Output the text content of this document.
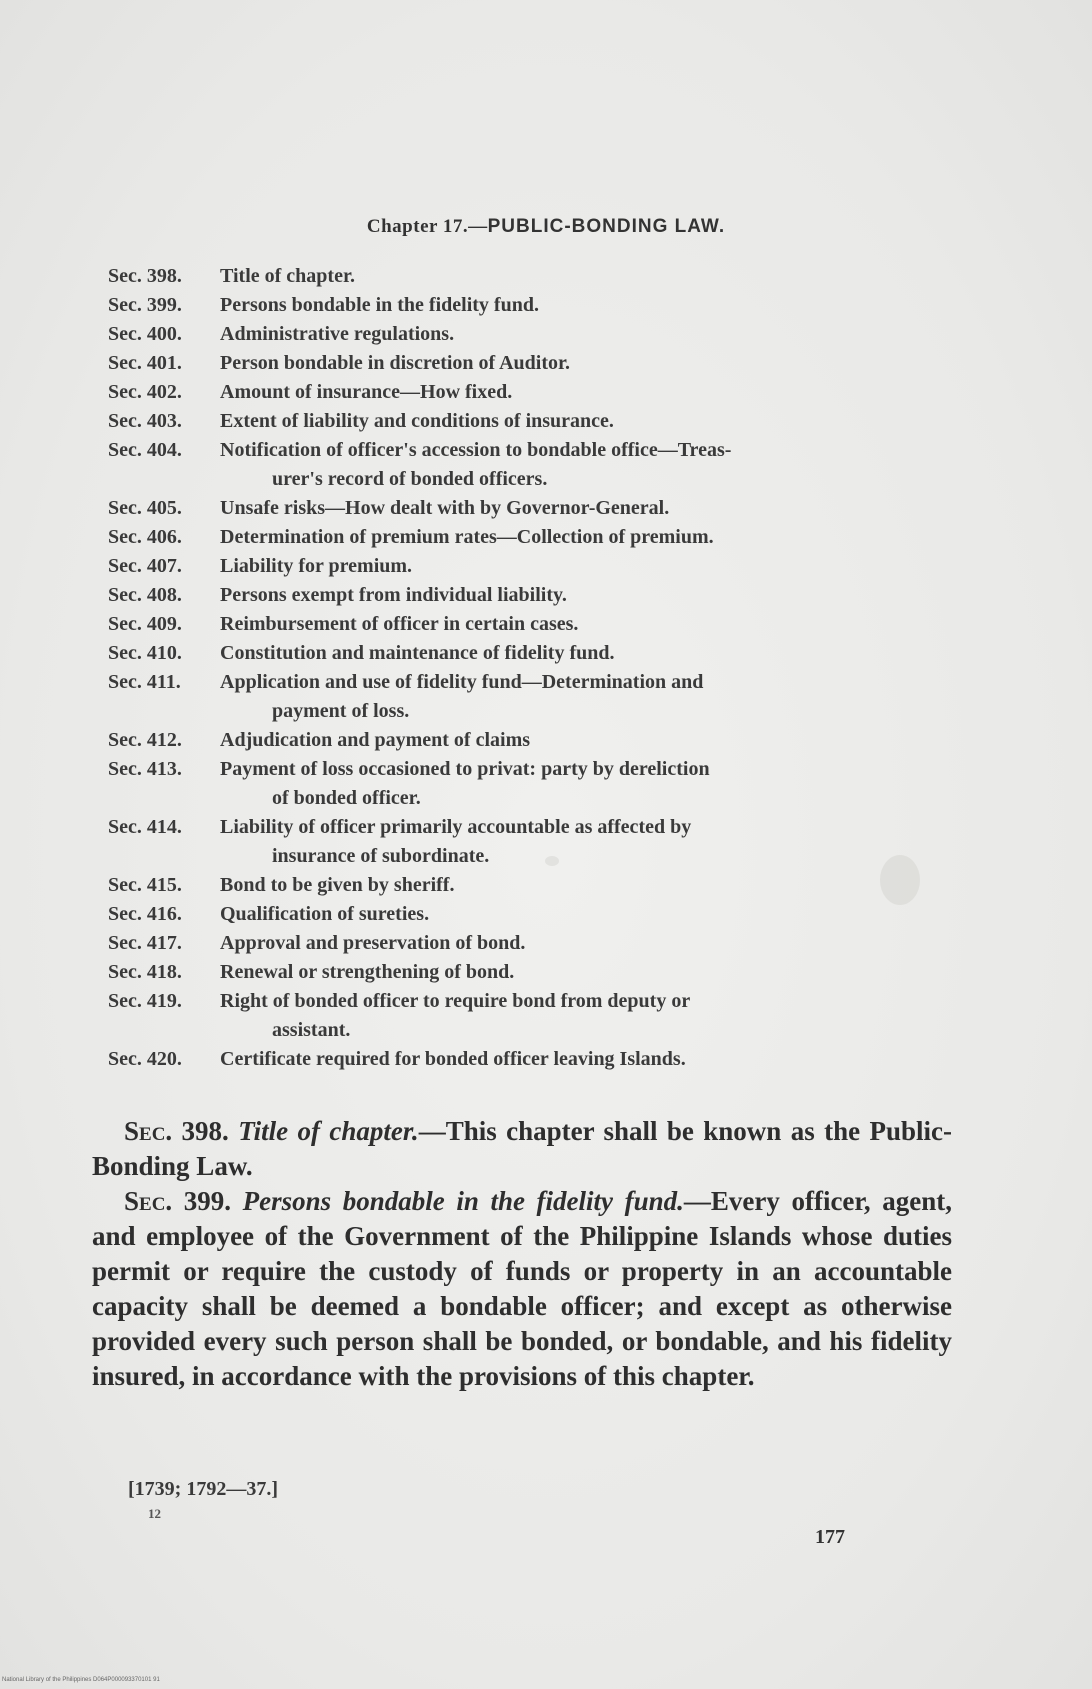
Chapter 17.—PUBLIC-BONDING LAW.
Sec. 398.	Title of chapter.
Sec. 399.	Persons bondable in the fidelity fund.
Sec. 400.	Administrative regulations.
Sec. 401.	Person bondable in discretion of Auditor.
Sec. 402.	Amount of insurance—How fixed.
Sec. 403.	Extent of liability and conditions of insurance.
Sec. 404.	Notification of officer's accession to bondable office—Treas-
urer's record of bonded officers.
Sec. 405.	Unsafe risks—How dealt with by Governor-General.
Sec. 406.	Determination of premium rates—Collection of premium.
Sec. 407.	Liability for premium.
Sec. 408.	Persons exempt from individual liability.
Sec. 409.	Reimbursement of officer in certain cases.
Sec. 410.	Constitution and maintenance of fidelity fund.
Sec. 411.	Application and use of fidelity fund—Determination and
payment of loss.
Sec. 412.	Adjudication and payment of claims
Sec. 413.	Payment of loss occasioned to privat: party by dereliction
of bonded officer.
Sec. 414.	Liability of officer primarily accountable as affected by
insurance of subordinate.
Sec. 415.	Bond to be given by sheriff.
Sec. 416.	Qualification of sureties.
Sec. 417.	Approval and preservation of bond.
Sec. 418.	Renewal or strengthening of bond.
Sec. 419.	Right of bonded officer to require bond from deputy or
assistant.
Sec. 420.	Certificate required for bonded officer leaving Islands.

Sec. 398. Title of chapter.—This chapter shall be known as the Public-Bonding Law.

Sec. 399. Persons bondable in the fidelity fund.—Every officer, agent, and employee of the Government of the Philippine Islands whose duties permit or require the custody of funds or property in an accountable capacity shall be deemed a bondable officer; and except as otherwise provided every such person shall be bonded, or bondable, and his fidelity insured, in accordance with the provisions of this chapter.

[1739; 1792—37.]
12
177
National Library of the Philippines D064P000093370101 91
